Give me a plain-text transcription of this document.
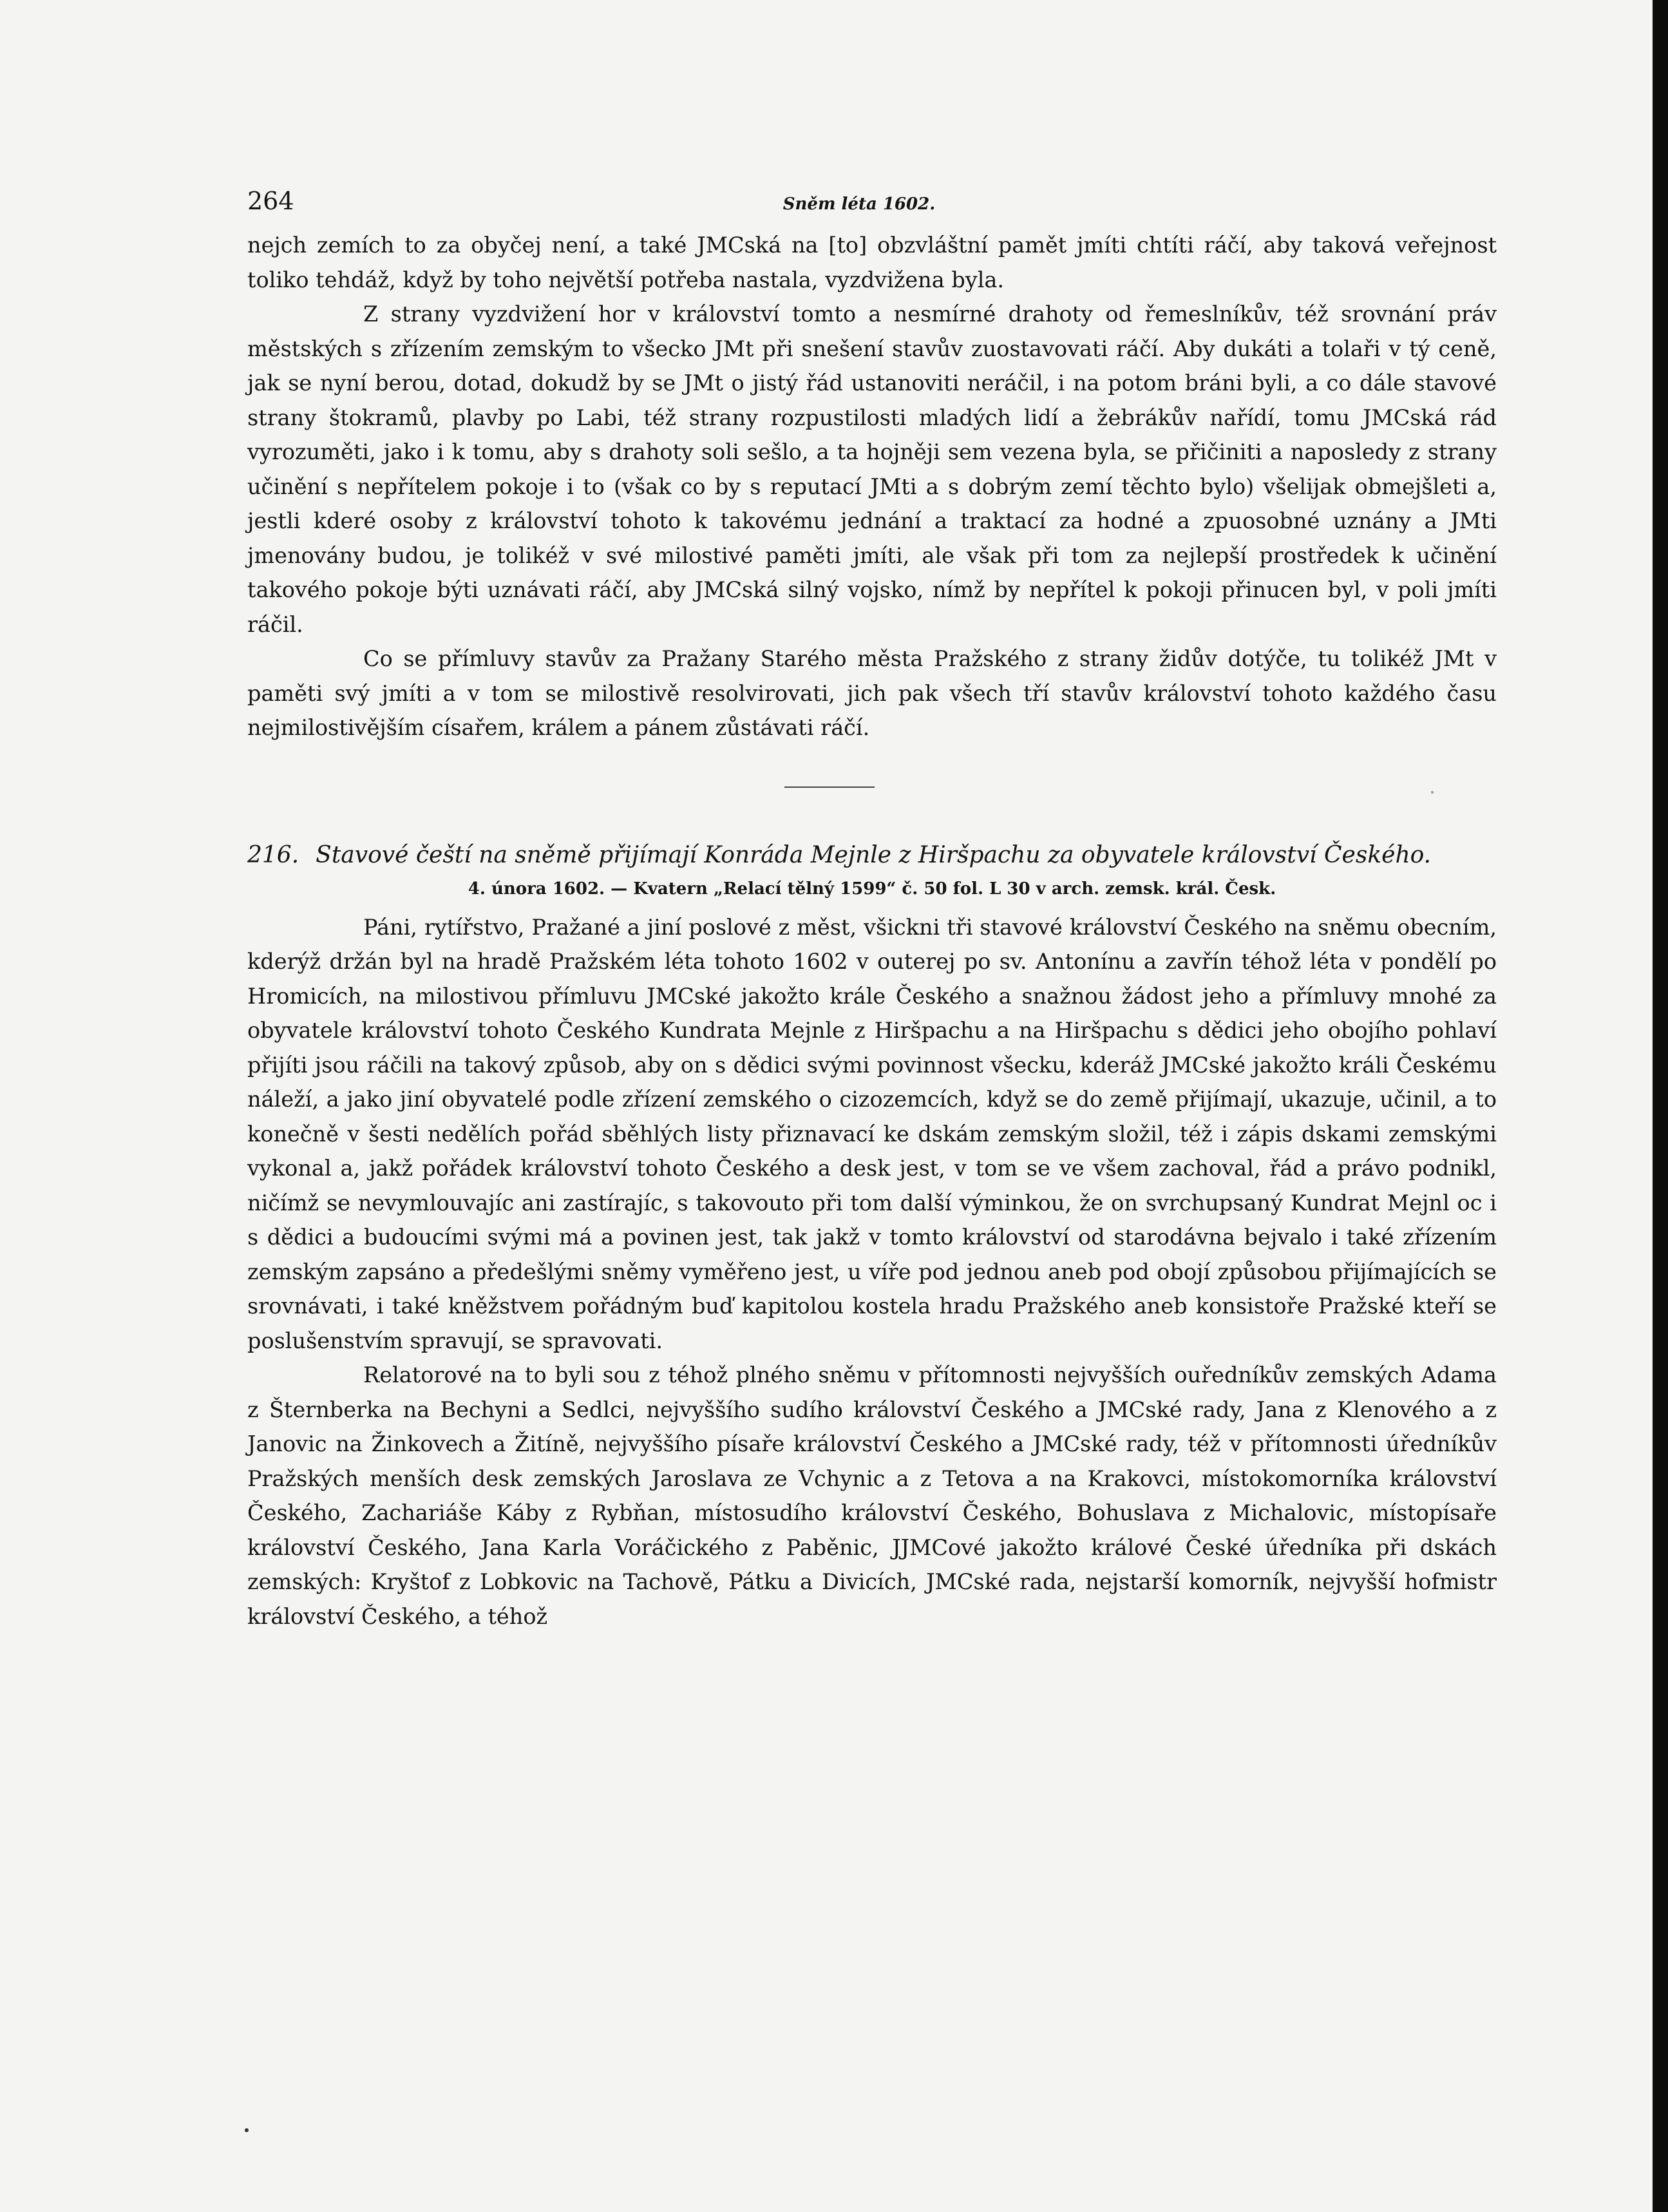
264	Sněm léta 1602.

nejch zemích to za obyčej není, a také JMCská na [to] obzvláštní pamět jmíti chtíti ráčí, aby taková veřejnost toliko tehdáž, když by toho největší potřeba nastala, vyzdvižena byla.

Z strany vyzdvižení hor v království tomto a nesmírné drahoty od řemeslníkův, též srovnání práv městských s zřízením zemským to všecko JMt při snešení stavův zuostavovati ráčí. Aby dukáti a tolaři v tý ceně, jak se nyní berou, dotad, dokudž by se JMt o jistý řád ustanoviti neráčil, i na potom bráni byli, a co dále stavové strany štokramů, plavby po Labi, též strany rozpustilosti mladých lidí a žebrákův nařídí, tomu JMCská rád vyrozuměti, jako i k tomu, aby s drahoty soli sešlo, a ta hojněji sem vezena byla, se přičiniti a naposledy z strany učinění s nepřítelem pokoje i to (však co by s reputací JMti a s dobrým zemí těchto bylo) všelijak obmejšleti a, jestli kderé osoby z království tohoto k takovému jednání a traktací za hodné a zpuosobné uznány a JMti jmenovány budou, je tolikéž v své milostivé paměti jmíti, ale však při tom za nejlepší prostředek k učinění takového pokoje býti uznávati ráčí, aby JMCská silný vojsko, nímž by nepřítel k pokoji přinucen byl, v poli jmíti ráčil.

Co se přímluvy stavův za Pražany Starého města Pražského z strany židův dotýče, tu tolikéž JMt v paměti svý jmíti a v tom se milostivě resolvirovati, jich pak všech tří stavův království tohoto každého času nejmilostivějším císařem, králem a pánem zůstávati ráčí.

216. Stavové čeští na sněmě přijímají Konráda Mejnle z Hiršpachu za obyvatele království Českého.
4. února 1602. — Kvatern „Relací tělný 1599“ č. 50 fol. L 30 v arch. zemsk. král. Česk.

Páni, rytířstvo, Pražané a jiní poslové z měst, všickni tři stavové království Českého na sněmu obecním, kderýž držán byl na hradě Pražském léta tohoto 1602 v outerej po sv. Antonínu a zavřín téhož léta v pondělí po Hromicích, na milostivou přímluvu JMCské jakožto krále Českého a snažnou žádost jeho a přímluvy mnohé za obyvatele království tohoto Českého Kundrata Mejnle z Hiršpachu a na Hiršpachu s dědici jeho obojího pohlaví přijíti jsou ráčili na takový způsob, aby on s dědici svými povinnost všecku, kderáž JMCské jakožto králi Českému náleží, a jako jiní obyvatelé podle zřízení zemského o cizozemcích, když se do země přijímají, ukazuje, učinil, a to konečně v šesti nedělích pořád sběhlých listy přiznavací ke dskám zemským složil, též i zápis dskami zemskými vykonal a, jakž pořádek království tohoto Českého a desk jest, v tom se ve všem zachoval, řád a právo podnikl, ničímž se nevymlouvajíc ani zastírajíc, s takovouto při tom další výminkou, že on svrchupsaný Kundrat Mejnl oc i s dědici a budoucími svými má a povinen jest, tak jakž v tomto království od starodávna bejvalo i také zřízením zemským zapsáno a předešlými sněmy vyměřeno jest, u víře pod jednou aneb pod obojí způsobou přijímajících se srovnávati, i také kněžstvem pořádným buď kapitolou kostela hradu Pražského aneb konsistoře Pražské kteří se poslušenstvím spravují, se spravovati.

Relatorové na to byli sou z téhož plného sněmu v přítomnosti nejvyšších ouředníkův zemských Adama z Šternberka na Bechyni a Sedlci, nejvyššího sudího království Českého a JMCské rady, Jana z Klenového a z Janovic na Žinkovech a Žitíně, nejvyššího písaře království Českého a JMCské rady, též v přítomnosti úředníkův Pražských menších desk zemských Jaroslava ze Vchynic a z Tetova a na Krakovci, místokomorníka království Českého, Zachariáše Káby z Rybňan, místosudího království Českého, Bohuslava z Michalovic, místopísaře království Českého, Jana Karla Voráčického z Paběnic, JJMCové jakožto králové České úředníka při dskách zemských: Kryštof z Lobkovic na Tachově, Pátku a Divicích, JMCské rada, nejstarší komorník, nejvyšší hofmistr království Českého, a téhož
